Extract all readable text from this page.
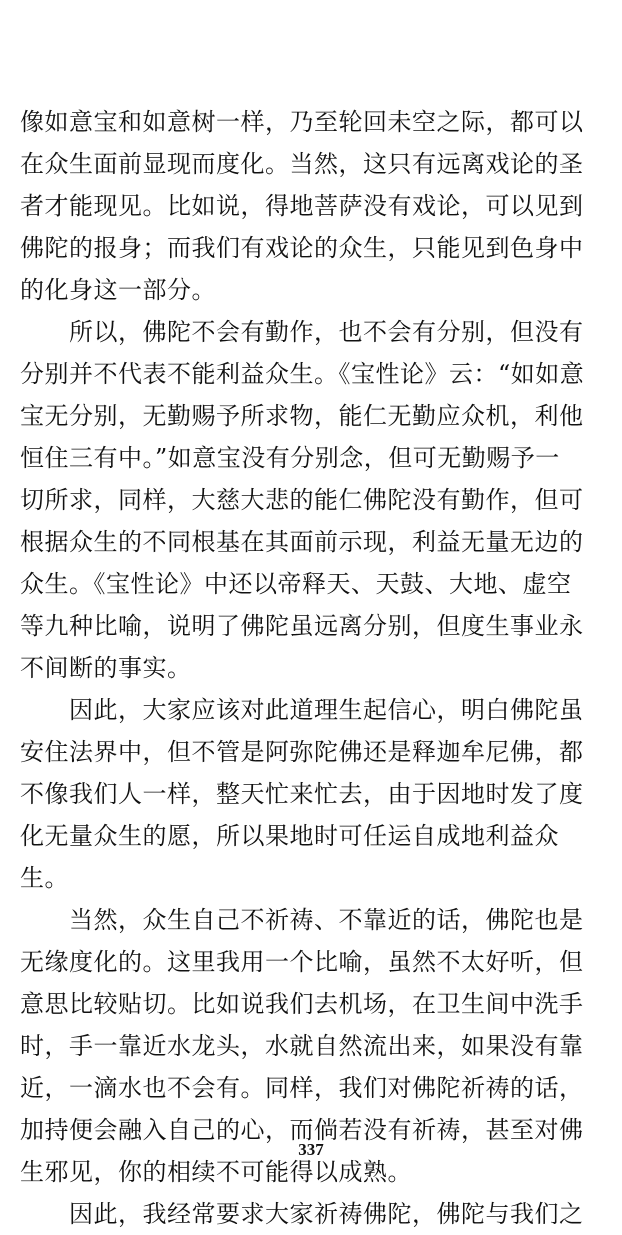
像如意宝和如意树一样，乃至轮回未空之际，都可以
在众生面前显现而度化。当然，这只有远离戏论的圣
者才能现见。比如说，得地菩萨没有戏论，可以见到
佛陀的报身；而我们有戏论的众生，只能见到色身中
的化身这一部分。
　　所以，佛陀不会有勤作，也不会有分别，但没有
分别并不代表不能利益众生。《宝性论》云：“如如意
宝无分别，无勤赐予所求物，能仁无勤应众机，利他
恒住三有中。”如意宝没有分别念，但可无勤赐予一
切所求，同样，大慈大悲的能仁佛陀没有勤作，但可
根据众生的不同根基在其面前示现，利益无量无边的
众生。《宝性论》中还以帝释天、天鼓、大地、虚空
等九种比喻，说明了佛陀虽远离分别，但度生事业永
不间断的事实。
　　因此，大家应该对此道理生起信心，明白佛陀虽
安住法界中，但不管是阿弥陀佛还是释迦牟尼佛，都
不像我们人一样，整天忙来忙去，由于因地时发了度
化无量众生的愿，所以果地时可任运自成地利益众
生。
　　当然，众生自己不祈祷、不靠近的话，佛陀也是
无缘度化的。这里我用一个比喻，虽然不太好听，但
意思比较贴切。比如说我们去机场，在卫生间中洗手
时，手一靠近水龙头，水就自然流出来，如果没有靠
近，一滴水也不会有。同样，我们对佛陀祈祷的话，
加持便会融入自己的心，而倘若没有祈祷，甚至对佛
生邪见，你的相续不可能得以成熟。
　　因此，我经常要求大家祈祷佛陀，佛陀与我们之
337
